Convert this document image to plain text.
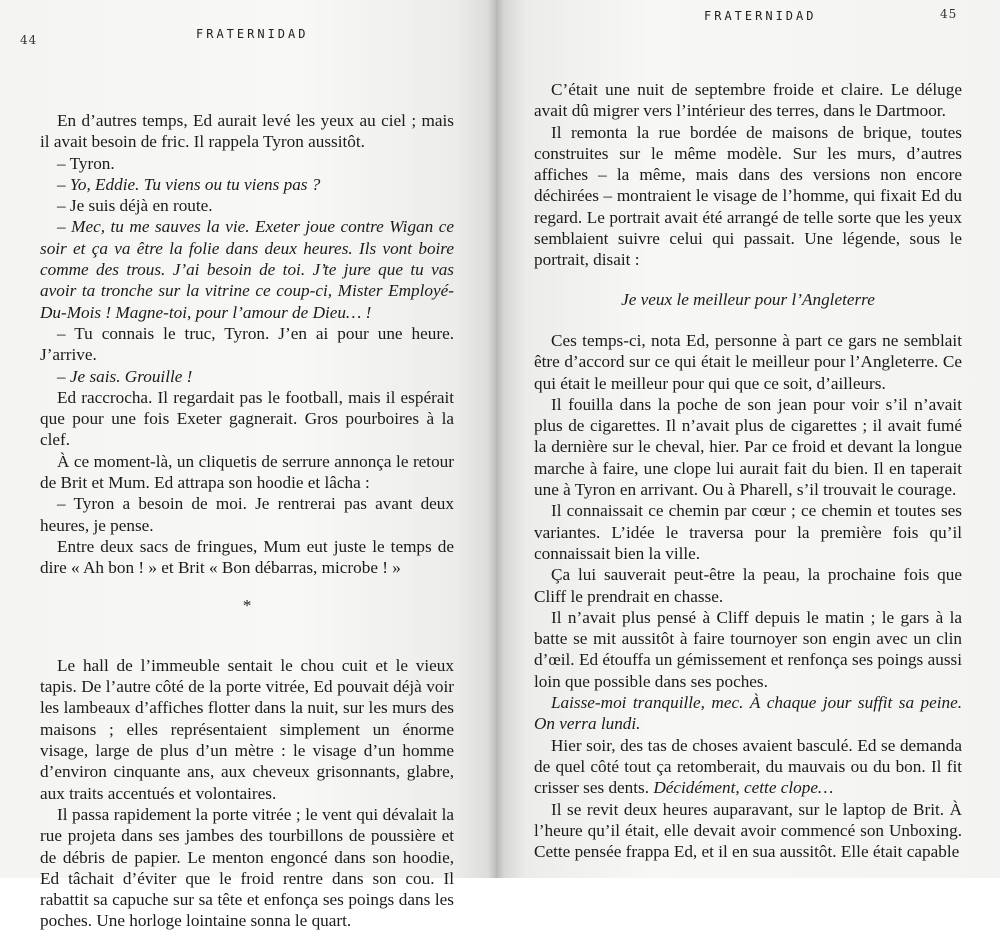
44	FRATERNIDAD

En d’autres temps, Ed aurait levé les yeux au ciel ; mais il avait besoin de fric. Il rappela Tyron aussitôt.

– Tyron.

– Yo, Eddie. Tu viens ou tu viens pas ?

– Je suis déjà en route.

– Mec, tu me sauves la vie. Exeter joue contre Wigan ce soir et ça va être la folie dans deux heures. Ils vont boire comme des trous. J’ai besoin de toi. J’te jure que tu vas avoir ta tronche sur la vitrine ce coup-ci, Mister Employé-Du-Mois ! Magne-toi, pour l’amour de Dieu… !

– Tu connais le truc, Tyron. J’en ai pour une heure. J’arrive.

– Je sais. Grouille !

Ed raccrocha. Il regardait pas le football, mais il espérait que pour une fois Exeter gagnerait. Gros pourboires à la clef.

À ce moment-là, un cliquetis de serrure annonça le retour de Brit et Mum. Ed attrapa son hoodie et lâcha :

– Tyron a besoin de moi. Je rentrerai pas avant deux heures, je pense.

Entre deux sacs de fringues, Mum eut juste le temps de dire « Ah bon ! » et Brit « Bon débarras, microbe ! »

*

Le hall de l’immeuble sentait le chou cuit et le vieux tapis. De l’autre côté de la porte vitrée, Ed pouvait déjà voir les lambeaux d’affiches flotter dans la nuit, sur les murs des maisons ; elles représentaient simplement un énorme visage, large de plus d’un mètre : le visage d’un homme d’environ cinquante ans, aux cheveux grisonnants, glabre, aux traits accentués et volontaires.

Il passa rapidement la porte vitrée ; le vent qui dévalait la rue projeta dans ses jambes des tourbillons de poussière et de débris de papier. Le menton engoncé dans son hoodie, Ed tâchait d’éviter que le froid rentre dans son cou. Il rabattit sa capuche sur sa tête et enfonça ses poings dans les poches. Une horloge lointaine sonna le quart.

FRATERNIDAD	45

C’était une nuit de septembre froide et claire. Le déluge avait dû migrer vers l’intérieur des terres, dans le Dartmoor.

Il remonta la rue bordée de maisons de brique, toutes construites sur le même modèle. Sur les murs, d’autres affiches – la même, mais dans des versions non encore déchirées – montraient le visage de l’homme, qui fixait Ed du regard. Le portrait avait été arrangé de telle sorte que les yeux semblaient suivre celui qui passait. Une légende, sous le portrait, disait :

Je veux le meilleur pour l’Angleterre

Ces temps-ci, nota Ed, personne à part ce gars ne semblait être d’accord sur ce qui était le meilleur pour l’Angleterre. Ce qui était le meilleur pour qui que ce soit, d’ailleurs.

Il fouilla dans la poche de son jean pour voir s’il n’avait plus de cigarettes. Il n’avait plus de cigarettes ; il avait fumé la dernière sur le cheval, hier. Par ce froid et devant la longue marche à faire, une clope lui aurait fait du bien. Il en taperait une à Tyron en arrivant. Ou à Pharell, s’il trouvait le courage.

Il connaissait ce chemin par cœur ; ce chemin et toutes ses variantes. L’idée le traversa pour la première fois qu’il connaissait bien la ville.

Ça lui sauverait peut-être la peau, la prochaine fois que Cliff le prendrait en chasse.

Il n’avait plus pensé à Cliff depuis le matin ; le gars à la batte se mit aussitôt à faire tournoyer son engin avec un clin d’œil. Ed étouffa un gémissement et renfonça ses poings aussi loin que possible dans ses poches.

Laisse-moi tranquille, mec. À chaque jour suffit sa peine. On verra lundi.

Hier soir, des tas de choses avaient basculé. Ed se demanda de quel côté tout ça retomberait, du mauvais ou du bon. Il fit crisser ses dents. Décidément, cette clope…

Il se revit deux heures auparavant, sur le laptop de Brit. À l’heure qu’il était, elle devait avoir commencé son Unboxing. Cette pensée frappa Ed, et il en sua aussitôt. Elle était capable
